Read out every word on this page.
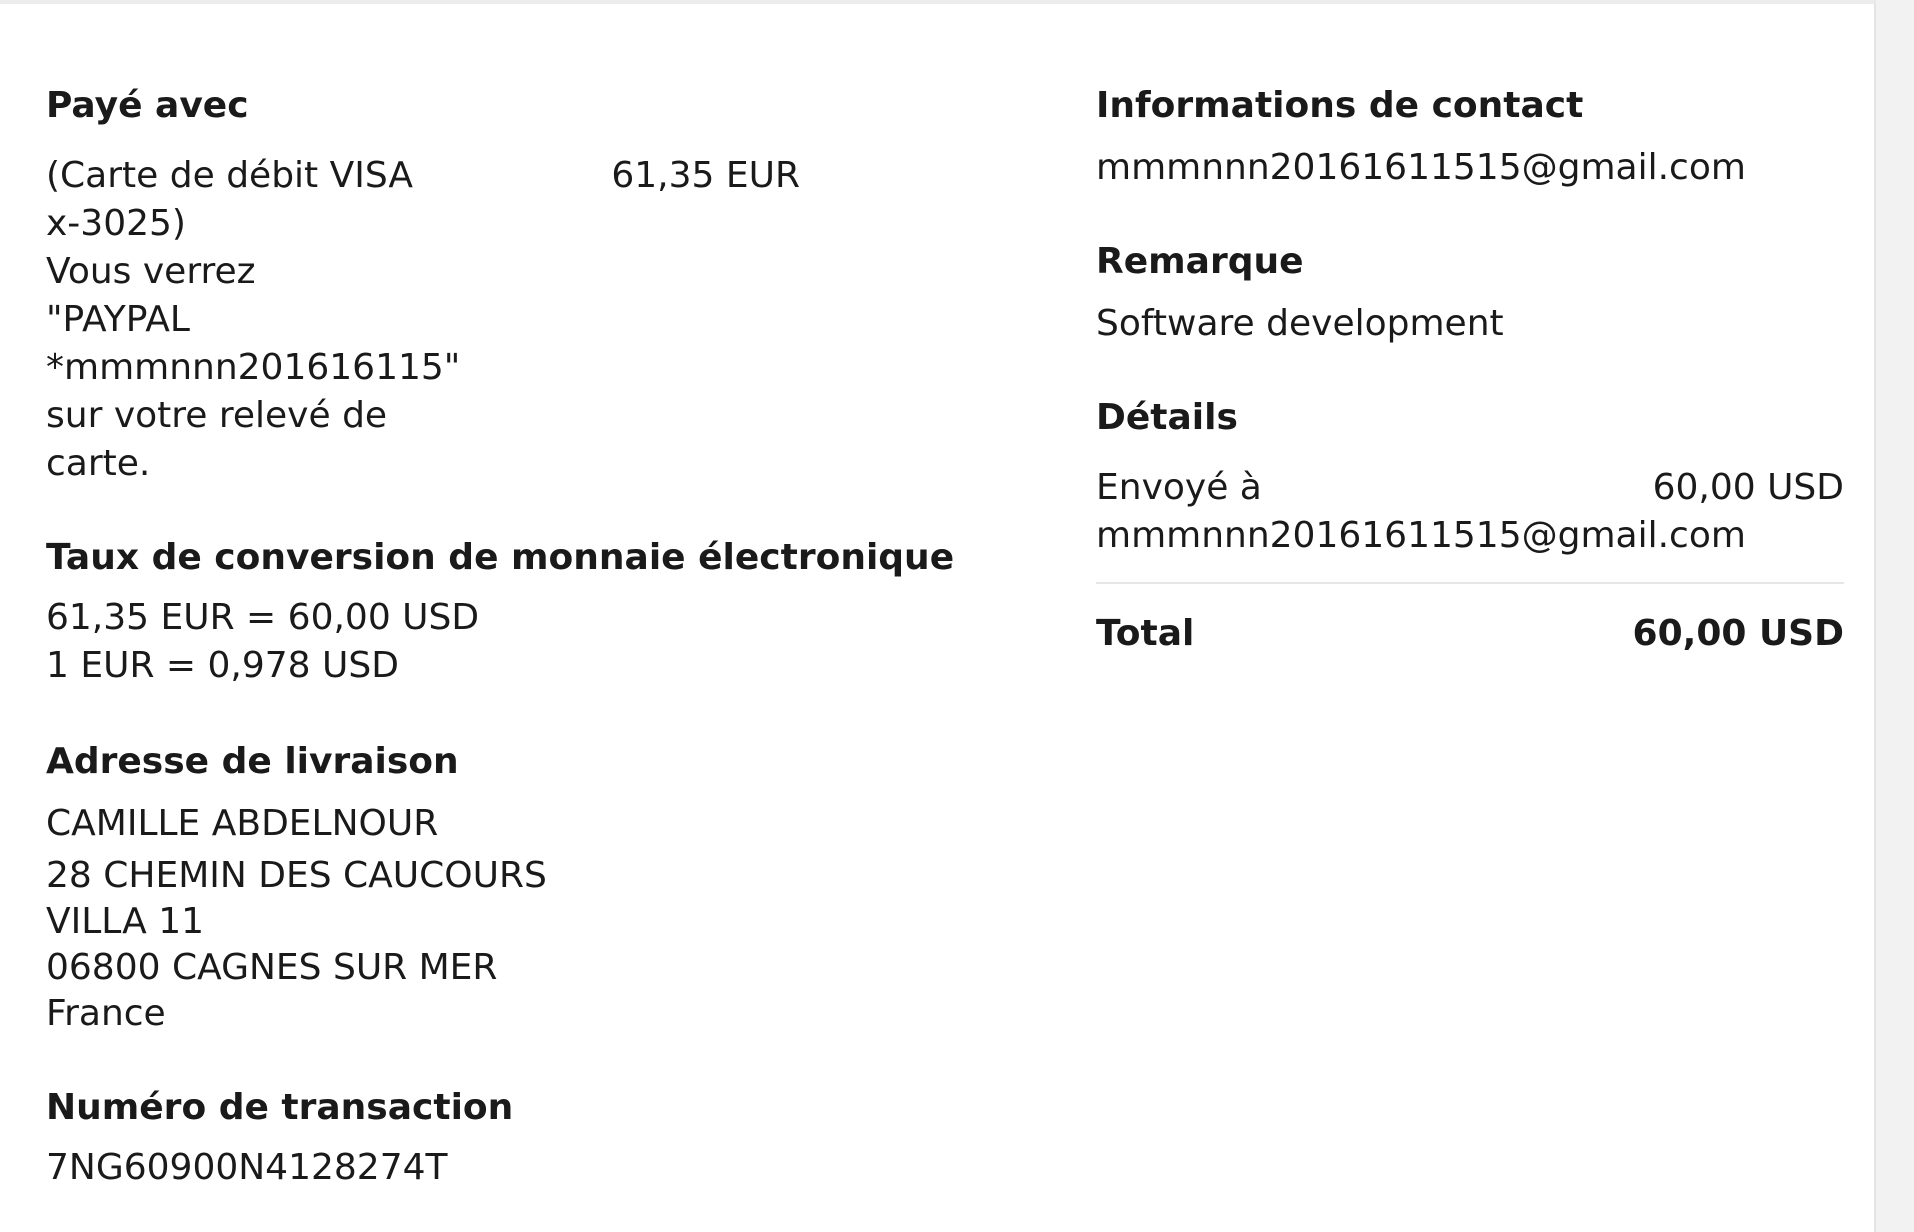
Payé avec
(Carte de débit VISA
x-3025)
Vous verrez
"PAYPAL
*mmmnnn201616115"
sur votre relevé de
carte.
61,35 EUR
Taux de conversion de monnaie électronique
61,35 EUR = 60,00 USD
1 EUR = 0,978 USD
Adresse de livraison
CAMILLE ABDELNOUR
28 CHEMIN DES CAUCOURS
VILLA 11
06800 CAGNES SUR MER
France
Numéro de transaction
7NG60900N4128274T
Informations de contact
mmmnnn20161611515@gmail.com
Remarque
Software development
Détails
Envoyé à
mmmnnn20161611515@gmail.com
60,00 USD
Total	60,00 USD
